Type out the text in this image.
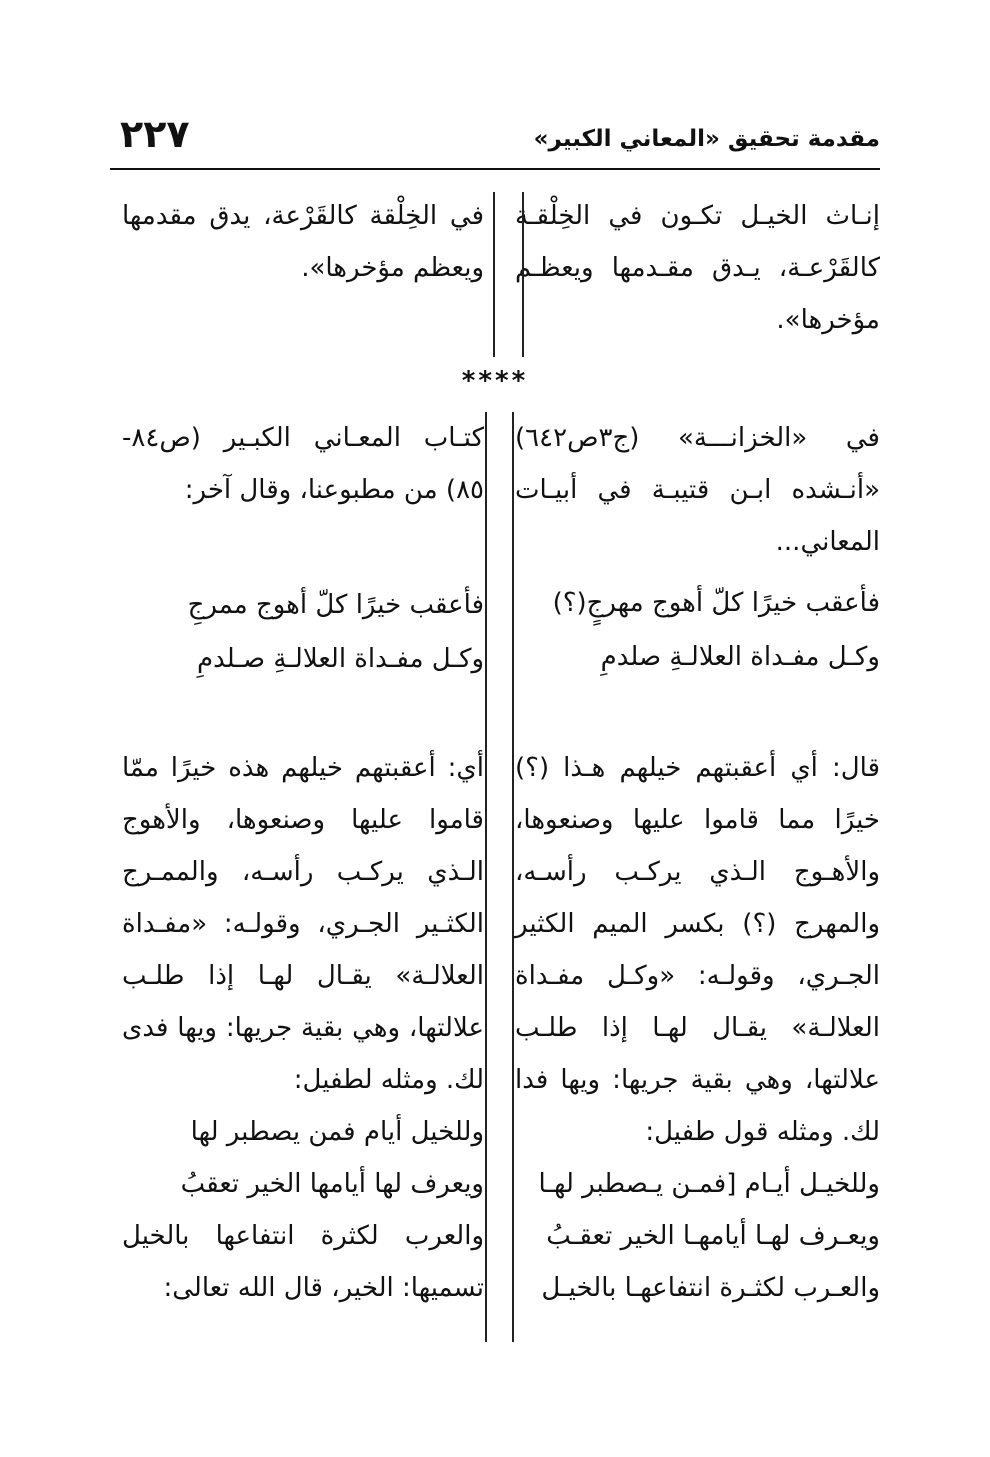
٢٢٧	مقدمة تحقيق «المعاني الكبير»
إنـاث الخيـل تكـون في الخِلْقـة كالقَرْعـة، يـدق مقـدمها ويعظـم مؤخرها».
في الخِلْقة كالقَرْعة، يدق مقدمها ويعظم مؤخرها».
****
في «الخزانـــة» (ج٣ص٦٤٢) «أنـشده ابـن قتيبـة في أبيـات المعاني...
فأعقب خيرًا كلّ أهوج مهرجٍ(؟)
وكـل مفـداة العلالـةِ صلدمِ
قال: أي أعقبتهم خيلهم هـذا (؟) خيرًا مما قاموا عليها وصنعوها، والأهـوج الـذي يركـب رأسـه، والمهرج (؟) بكسر الميم الكثير الجـري، وقولـه: «وكـل مفـداة العلالـة» يقـال لهـا إذا طلـب علالتها، وهي بقية جريها: ويها فدا لك. ومثله قول طفيل:
وللخيـل أيـام [فمـن يـصطبر لهـا
ويعـرف لهـا أيامهـا الخير تعقـبُ
والعـرب لكثـرة انتفاعهـا بالخيـل
كتـاب المعـاني الكبـير (ص٨٤- ٨٥) من مطبوعنا، وقال آخر:
فأعقب خيرًا كلّ أهوج ممرجِ
وكـل مفـداة العلالـةِ صـلدمِ
أي: أعقبتهم خيلهم هذه خيرًا ممّا قاموا عليها وصنعوها، والأهوج الـذي يركـب رأسـه، والممـرج الكثـير الجـري، وقولـه: «مفـداة العلالـة» يقـال لهـا إذا طلـب علالتها، وهي بقية جريها: ويها فدى لك. ومثله لطفيل:
وللخيل أيام فمن يصطبر لها
ويعرف لها أيامها الخير تعقبُ
والعرب لكثرة انتفاعها بالخيل تسميها: الخير، قال الله تعالى:
